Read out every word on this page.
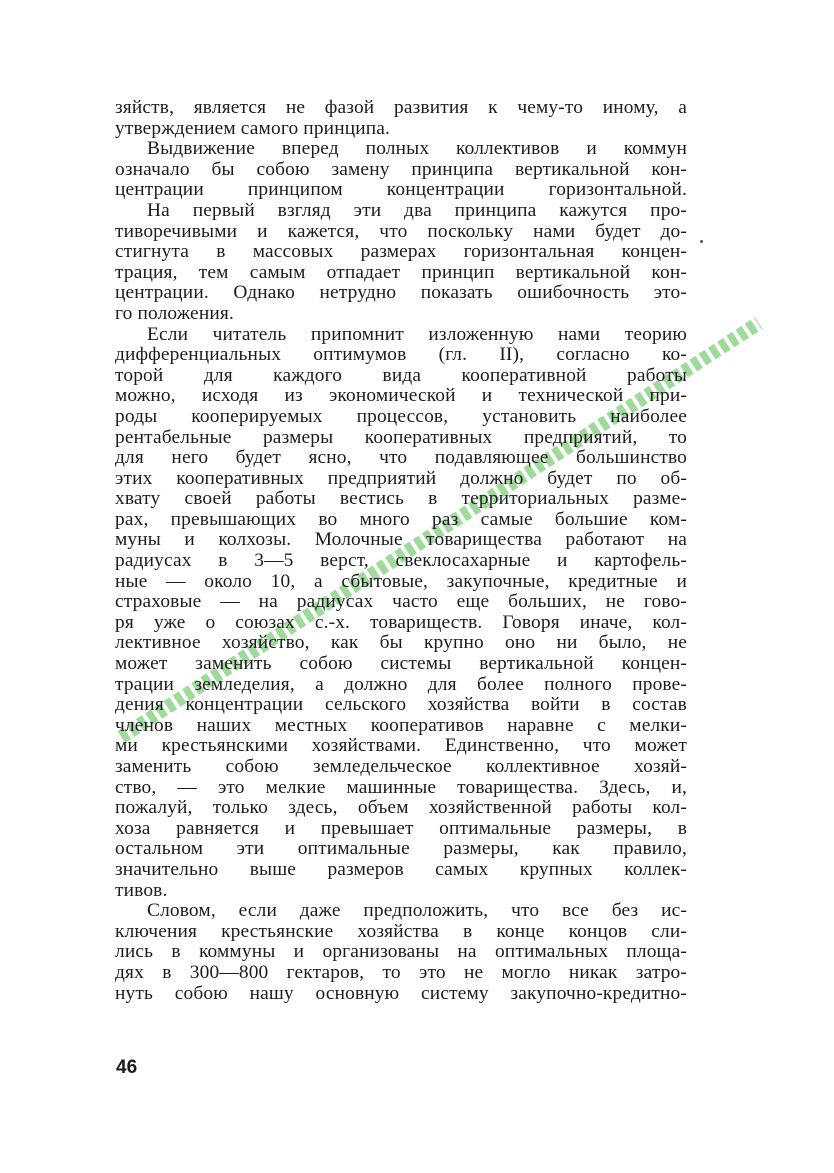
зяйств, является не фазой развития к чему-то иному, а
утверждением самого принципа.
Выдвижение вперед полных коллективов и коммун
означало бы собою замену принципа вертикальной кон-
центрации принципом концентрации горизонтальной.
На первый взгляд эти два принципа кажутся про-
тиворечивыми и кажется, что поскольку нами будет до-
стигнута в массовых размерах горизонтальная концен-
трация, тем самым отпадает принцип вертикальной кон-
центрации. Однако нетрудно показать ошибочность это-
го положения.
Если читатель припомнит изложенную нами теорию
дифференциальных оптимумов (гл. II), согласно ко-
торой для каждого вида кооперативной работы
можно, исходя из экономической и технической при-
роды кооперируемых процессов, установить наиболее
рентабельные размеры кооперативных предприятий, то
для него будет ясно, что подавляющее большинство
этих кооперативных предприятий должно будет по об-
хвату своей работы вестись в территориальных разме-
рах, превышающих во много раз самые большие ком-
муны и колхозы. Молочные товарищества работают на
радиусах в 3—5 верст, свеклосахарные и картофель-
ные — около 10, а сбытовые, закупочные, кредитные и
страховые — на радиусах часто еще больших, не гово-
ря уже о союзах с.-х. товариществ. Говоря иначе, кол-
лективное хозяйство, как бы крупно оно ни было, не
может заменить собою системы вертикальной концен-
трации земледелия, а должно для более полного прове-
дения концентрации сельского хозяйства войти в состав
членов наших местных кооперативов наравне с мелки-
ми крестьянскими хозяйствами. Единственно, что может
заменить собою земледельческое коллективное хозяй-
ство, — это мелкие машинные товарищества. Здесь, и,
пожалуй, только здесь, объем хозяйственной работы кол-
хоза равняется и превышает оптимальные размеры, в
остальном эти оптимальные размеры, как правило,
значительно выше размеров самых крупных коллек-
тивов.
Словом, если даже предположить, что все без ис-
ключения крестьянские хозяйства в конце концов сли-
лись в коммуны и организованы на оптимальных площа-
дях в 300—800 гектаров, то это не могло никак затро-
нуть собою нашу основную систему закупочно-кредитно-
46
